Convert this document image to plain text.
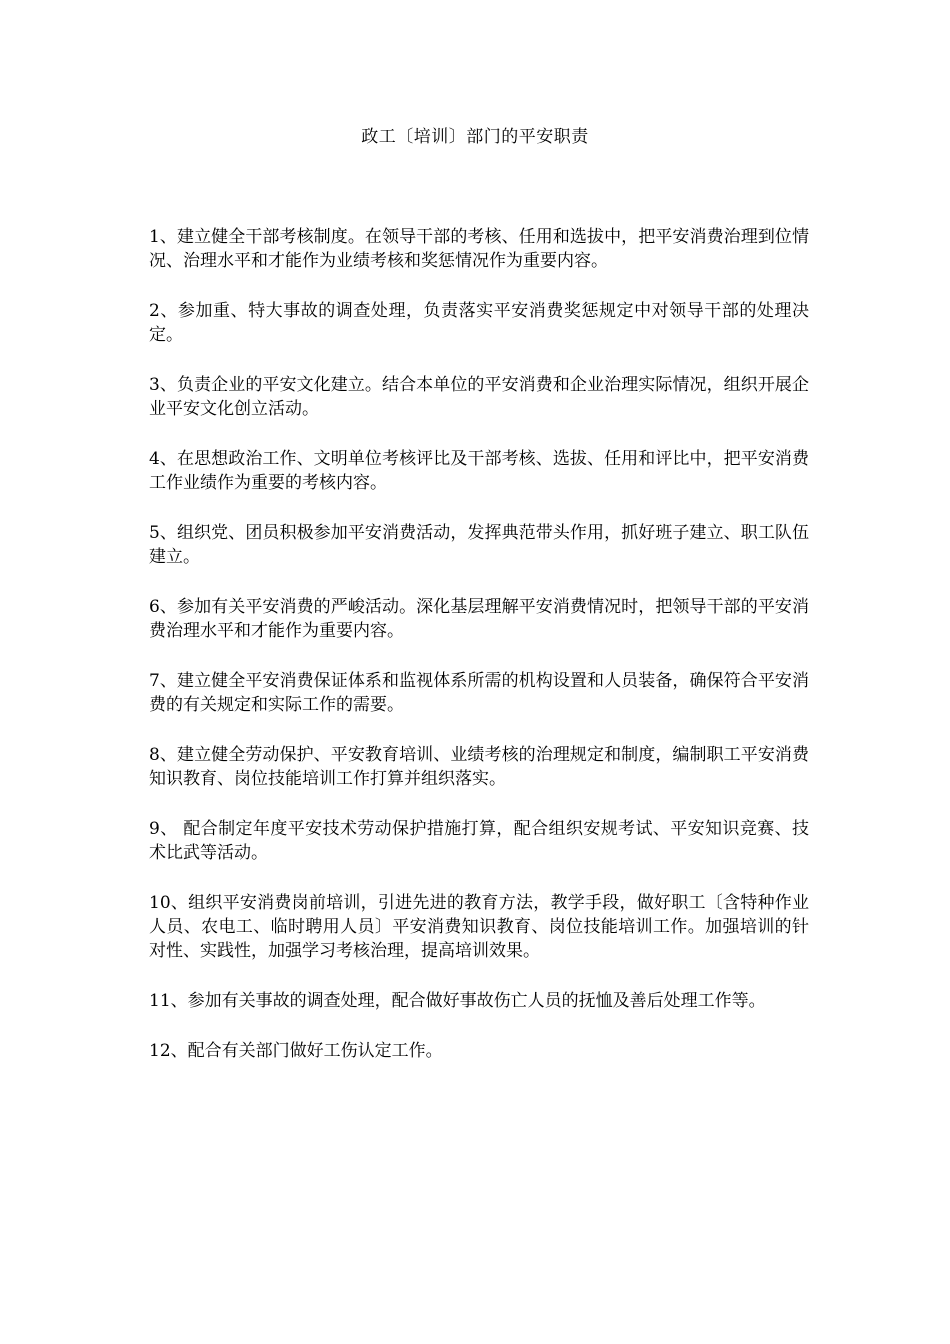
政工〔培训〕部门的平安职责
1、建立健全干部考核制度。在领导干部的考核、任用和选拔中，把平安消费治理到位情况、治理水平和才能作为业绩考核和奖惩情况作为重要内容。
2、参加重、特大事故的调查处理，负责落实平安消费奖惩规定中对领导干部的处理决定。
3、负责企业的平安文化建立。结合本单位的平安消费和企业治理实际情况，组织开展企业平安文化创立活动。
4、在思想政治工作、文明单位考核评比及干部考核、选拔、任用和评比中，把平安消费工作业绩作为重要的考核内容。
5、组织党、团员积极参加平安消费活动，发挥典范带头作用，抓好班子建立、职工队伍建立。
6、参加有关平安消费的严峻活动。深化基层理解平安消费情况时，把领导干部的平安消费治理水平和才能作为重要内容。
7、建立健全平安消费保证体系和监视体系所需的机构设置和人员装备，确保符合平安消费的有关规定和实际工作的需要。
8、建立健全劳动保护、平安教育培训、业绩考核的治理规定和制度，编制职工平安消费知识教育、岗位技能培训工作打算并组织落实。
9、 配合制定年度平安技术劳动保护措施打算，配合组织安规考试、平安知识竞赛、技术比武等活动。
10、组织平安消费岗前培训，引进先进的教育方法，教学手段，做好职工〔含特种作业人员、农电工、临时聘用人员〕平安消费知识教育、岗位技能培训工作。加强培训的针对性、实践性，加强学习考核治理，提高培训效果。
11、参加有关事故的调查处理，配合做好事故伤亡人员的抚恤及善后处理工作等。
12、配合有关部门做好工伤认定工作。
